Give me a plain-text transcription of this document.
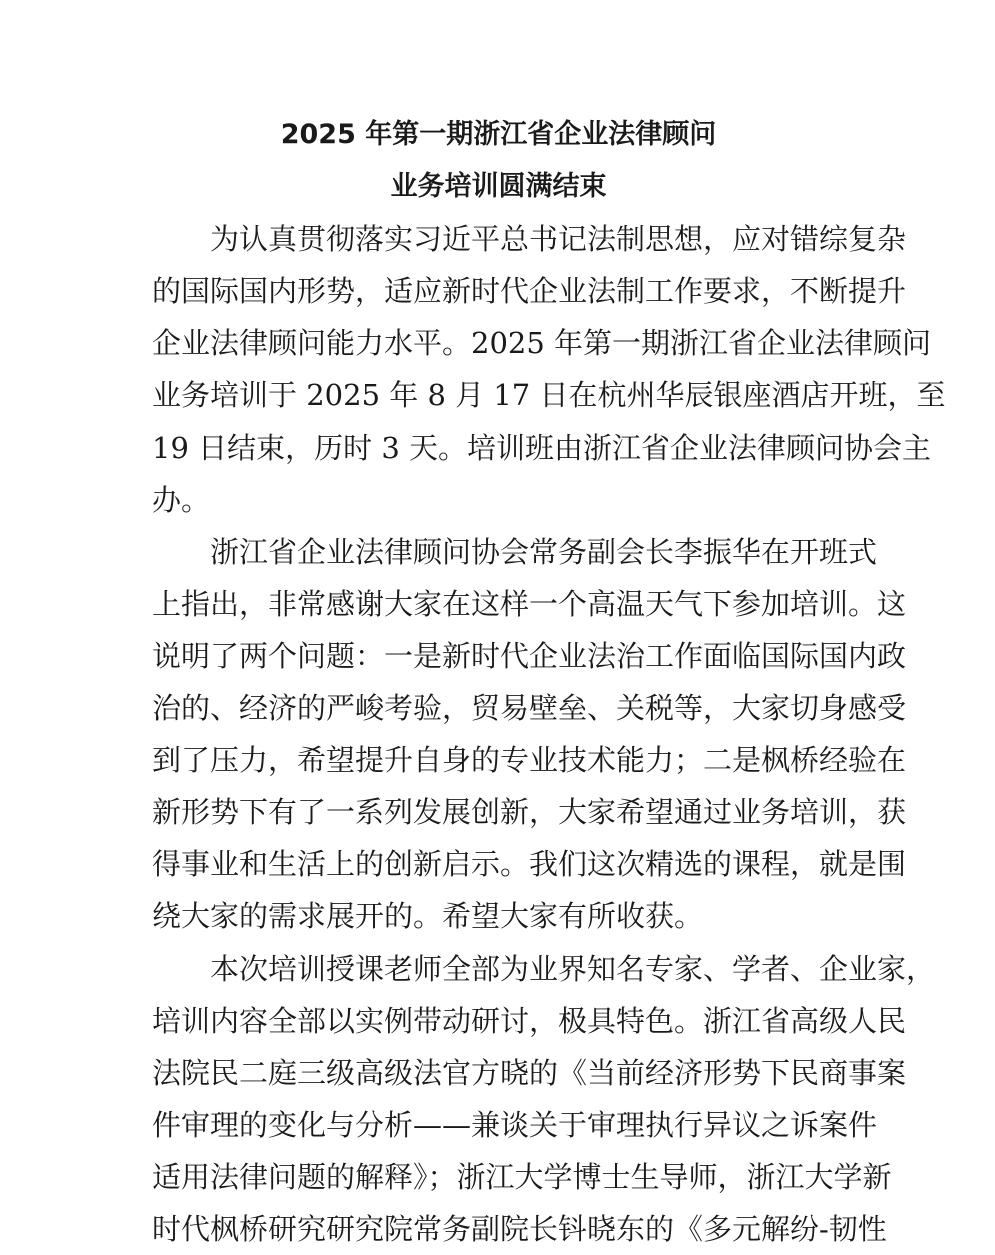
2025 年第一期浙江省企业法律顾问
业务培训圆满结束
　　为认真贯彻落实习近平总书记法制思想，应对错综复杂
的国际国内形势，适应新时代企业法制工作要求，不断提升
企业法律顾问能力水平。2025 年第一期浙江省企业法律顾问
业务培训于 2025 年 8 月 17 日在杭州华辰银座酒店开班，至
19 日结束，历时 3 天。培训班由浙江省企业法律顾问协会主
办。
　　浙江省企业法律顾问协会常务副会长李振华在开班式
上指出，非常感谢大家在这样一个高温天气下参加培训。这
说明了两个问题：一是新时代企业法治工作面临国际国内政
治的、经济的严峻考验，贸易壁垒、关税等，大家切身感受
到了压力，希望提升自身的专业技术能力；二是枫桥经验在
新形势下有了一系列发展创新，大家希望通过业务培训，获
得事业和生活上的创新启示。我们这次精选的课程，就是围
绕大家的需求展开的。希望大家有所收获。
　　本次培训授课老师全部为业界知名专家、学者、企业家，
培训内容全部以实例带动研讨，极具特色。浙江省高级人民
法院民二庭三级高级法官方晓的《当前经济形势下民商事案
件审理的变化与分析——兼谈关于审理执行异议之诉案件
适用法律问题的解释》；浙江大学博士生导师，浙江大学新
时代枫桥研究研究院常务副院长钭晓东的《多元解纷-韧性
